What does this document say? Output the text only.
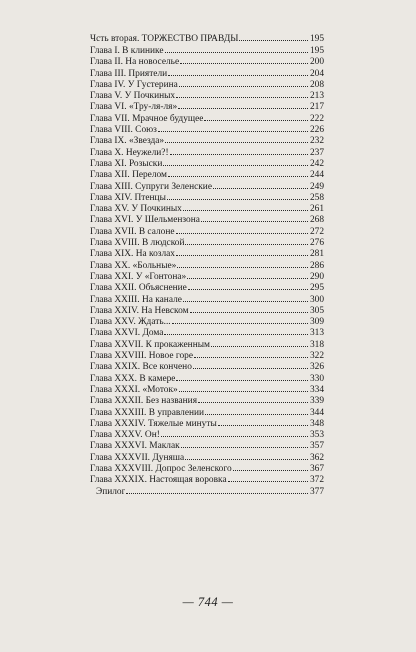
Чсть вторая. ТОРЖЕСТВО ПРАВДЫ	195
Глава I. В клинике	195
Глава II. На новоселье	200
Глава III. Приятели	204
Глава IV. У Густерина	208
Глава V. У Почкиных	213
Глава VI. «Тру-ля-ля»	217
Глава VII. Мрачное будущее	222
Глава VIII. Союз	226
Глава IX. «Звезда»	232
Глава X. Неужели?!	237
Глава XI. Розыски	242
Глава XII. Перелом	244
Глава XIII. Супруги Зеленские	249
Глава XIV. Птенцы	258
Глава XV. У Почкиных	261
Глава XVI. У Шельмензона	268
Глава XVII. В салоне	272
Глава XVIII. В людской	276
Глава XIX. На ко́злах	281
Глава XX. «Больные»	286
Глава XXI. У «Гонтона»	290
Глава XXII. Объяснение	295
Глава XXIII. На канале	300
Глава XXIV. На Невском	305
Глава XXV. Ждать...	309
Глава XXVI. Дома	313
Глава XXVII. К прокаженным	318
Глава XXVIII. Новое горе	322
Глава XXIX. Все кончено	326
Глава XXX. В камере	330
Глава XXXI. «Моток»	334
Глава XXXII. Без названия	339
Глава XXXIII. В управлении	344
Глава XXXIV. Тяжелые минуты	348
Глава XXXV. Он!	353
Глава XXXVI. Маклак	357
Глава XXXVII. Дуняша	362
Глава XXXVIII. Допрос Зеленского	367
Глава XXXIX. Настоящая воровка	372
Эпилог	377
— 744 —
